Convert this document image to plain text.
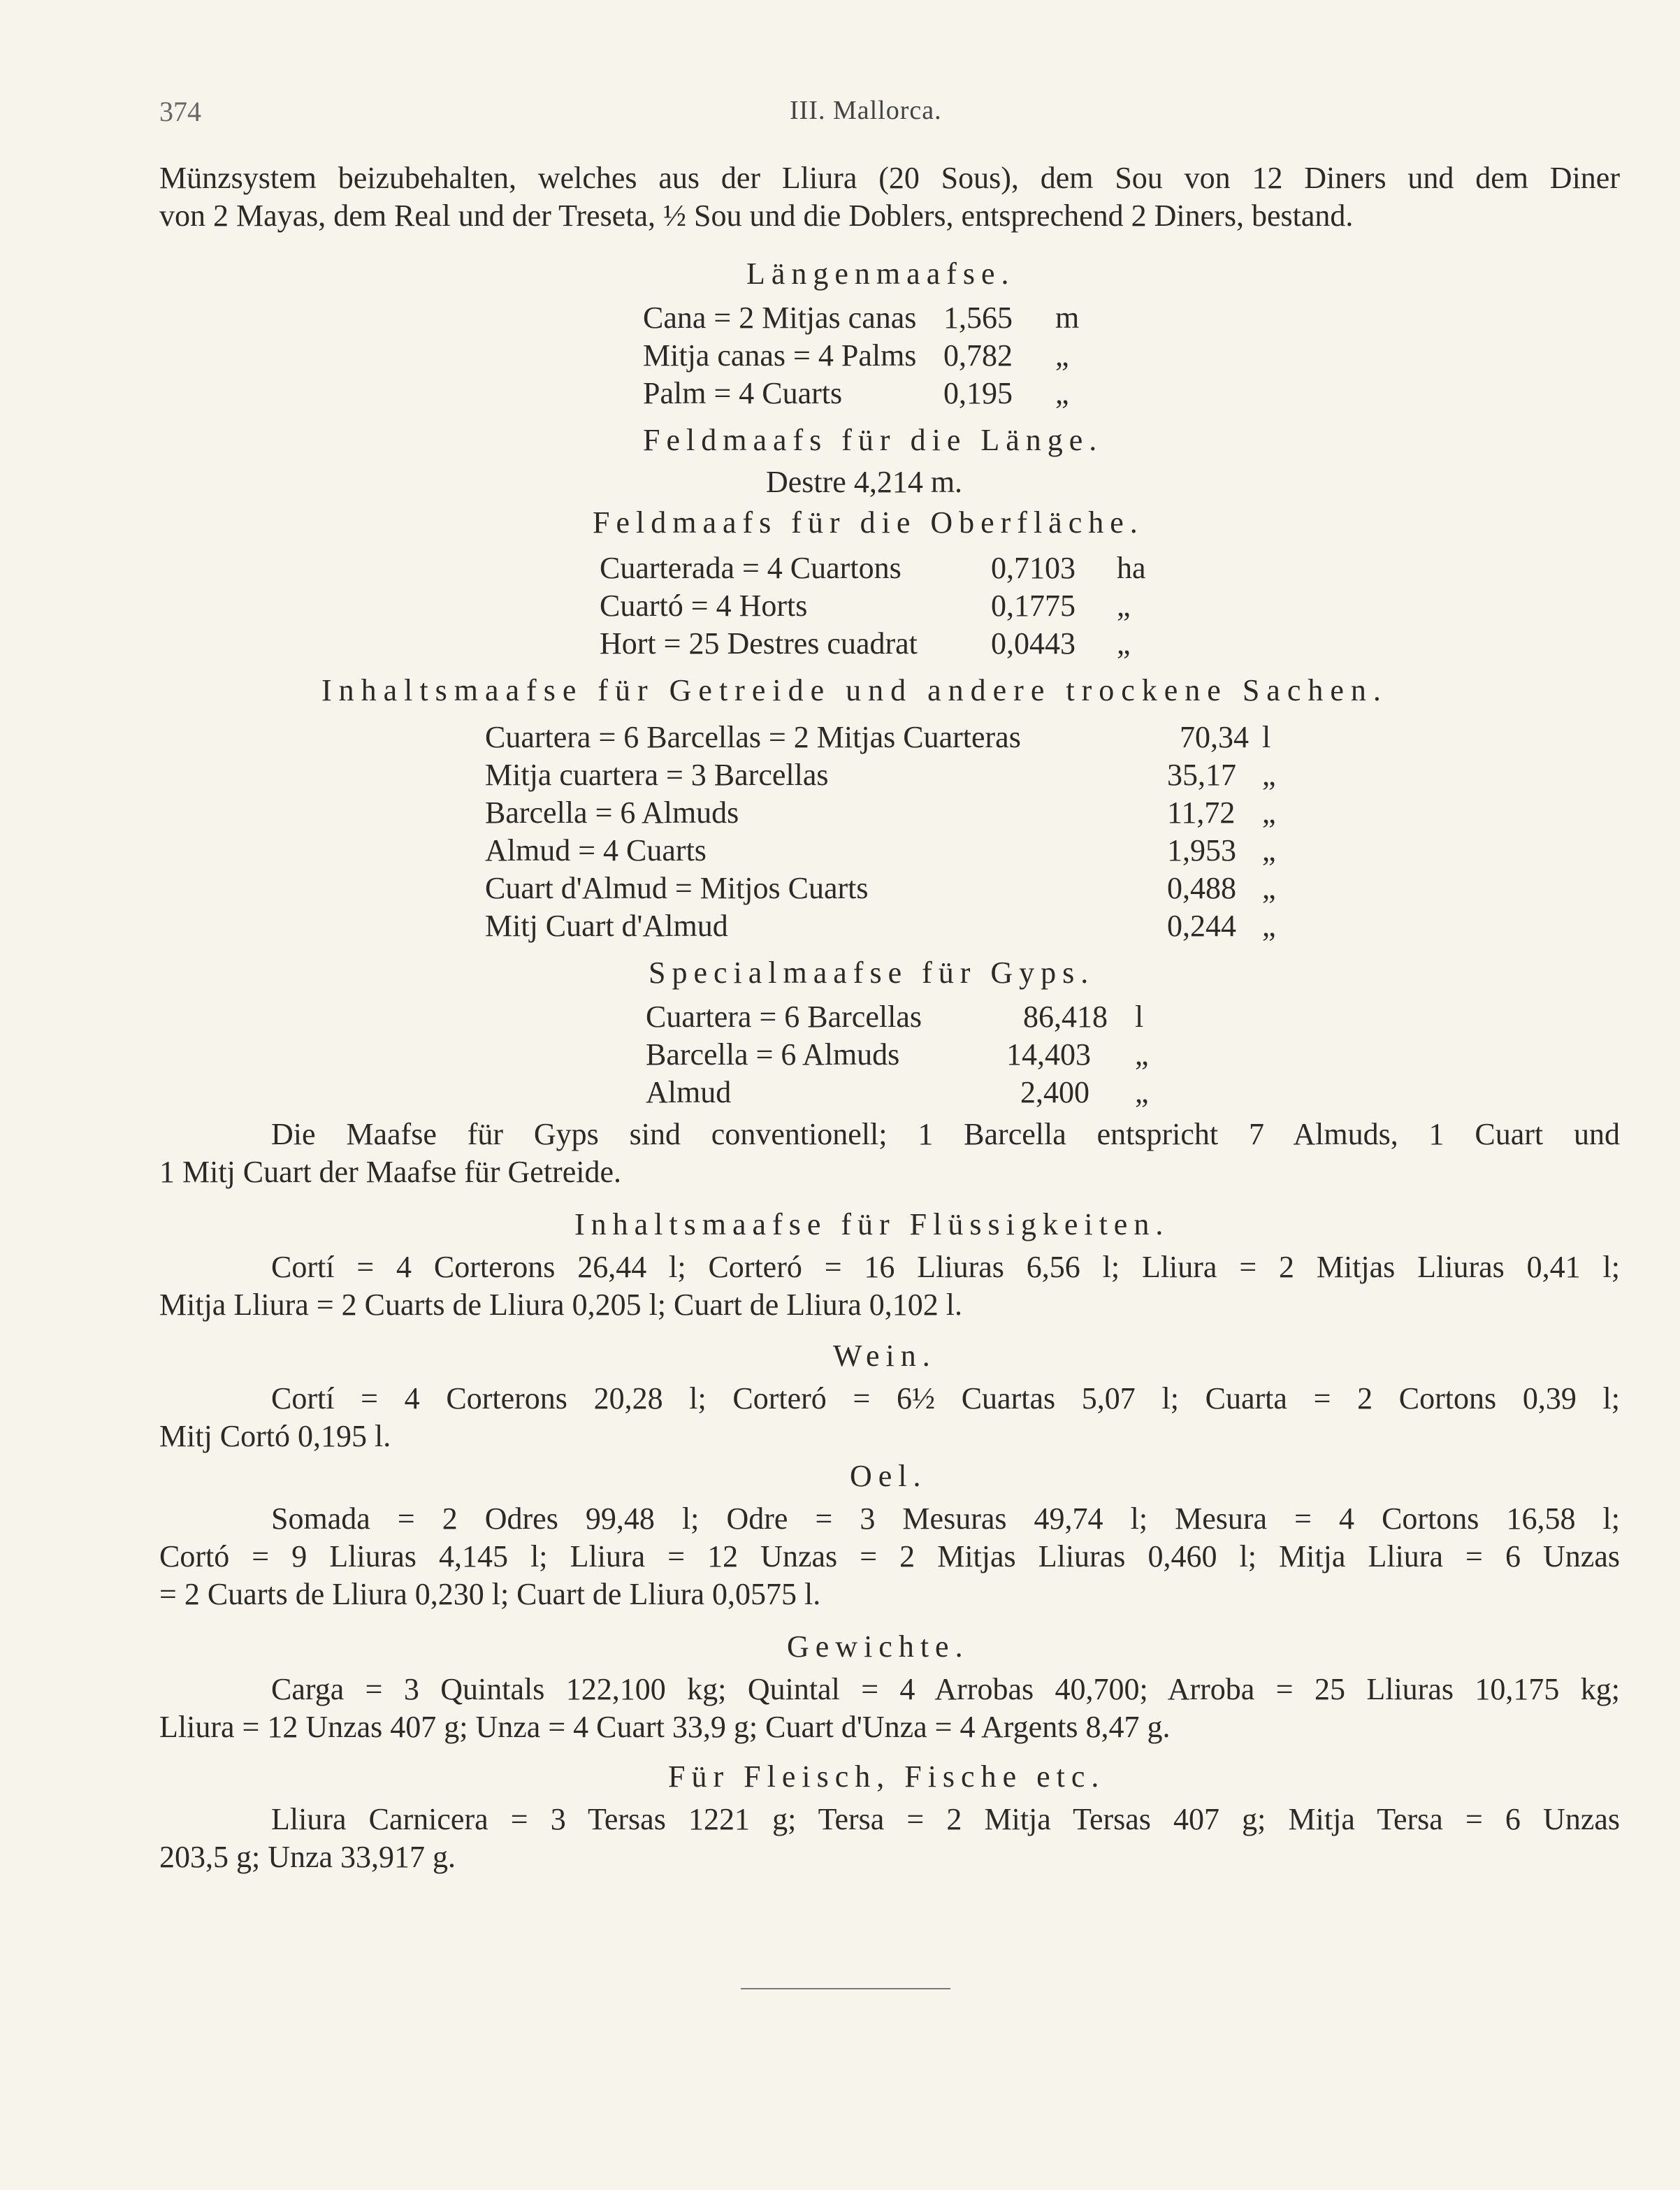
374	III. Mallorca.
Münzsystem beizubehalten, welches aus der Lliura (20 Sous), dem Sou von 12 Diners und dem Diner
von 2 Mayas, dem Real und der Treseta, ½ Sou und die Doblers, entsprechend 2 Diners, bestand.
Längenmaafse.
Cana = 2 Mitjas canas 1,565 m
Mitja canas = 4 Palms 0,782 „
Palm = 4 Cuarts	0,195 „
Feldmaafs für die Länge.
Destre 4,214 m.
Feldmaafs für die Oberfläche.
Cuarterada = 4 Cuartons	0,7103 ha
Cuartó = 4 Horts	0,1775 „
Hort = 25 Destres cuadrat 0,0443 „
Inhaltsmaafse für Getreide und andere trockene Sachen.
Cuartera = 6 Barcellas = 2 Mitjas Cuarteras	70,34 l
Mitja cuartera = 3 Barcellas	35,17 „
Barcella = 6 Almuds	11,72 „
Almud = 4 Cuarts	1,953 „
Cuart d'Almud = Mitjos Cuarts	0,488 „
Mitj Cuart d'Almud	0,244 „
Specialmaafse für Gyps.
Cuartera = 6 Barcellas	86,418 l
Barcella = 6 Almuds	14,403 „
Almud	2,400 „
Die Maafse für Gyps sind conventionell; 1 Barcella entspricht 7 Almuds, 1 Cuart und
1 Mitj Cuart der Maafse für Getreide.
Inhaltsmaafse für Flüssigkeiten.
Cortí = 4 Corterons 26,44 l; Corteró = 16 Lliuras 6,56 l; Lliura = 2 Mitjas Lliuras 0,41 l;
Mitja Lliura = 2 Cuarts de Lliura 0,205 l; Cuart de Lliura 0,102 l.
Wein.
Cortí = 4 Corterons 20,28 l; Corteró = 6½ Cuartas 5,07 l; Cuarta = 2 Cortons 0,39 l;
Mitj Cortó 0,195 l.
Oel.
Somada = 2 Odres 99,48 l; Odre = 3 Mesuras 49,74 l; Mesura = 4 Cortons 16,58 l;
Cortó = 9 Lliuras 4,145 l; Lliura = 12 Unzas = 2 Mitjas Lliuras 0,460 l; Mitja Lliura = 6 Unzas
= 2 Cuarts de Lliura 0,230 l; Cuart de Lliura 0,0575 l.
Gewichte.
Carga = 3 Quintals 122,100 kg; Quintal = 4 Arrobas 40,700; Arroba = 25 Lliuras 10,175 kg;
Lliura = 12 Unzas 407 g; Unza = 4 Cuart 33,9 g; Cuart d'Unza = 4 Argents 8,47 g.
Für Fleisch, Fische etc.
Lliura Carnicera = 3 Tersas 1221 g; Tersa = 2 Mitja Tersas 407 g; Mitja Tersa = 6 Unzas
203,5 g; Unza 33,917 g.
